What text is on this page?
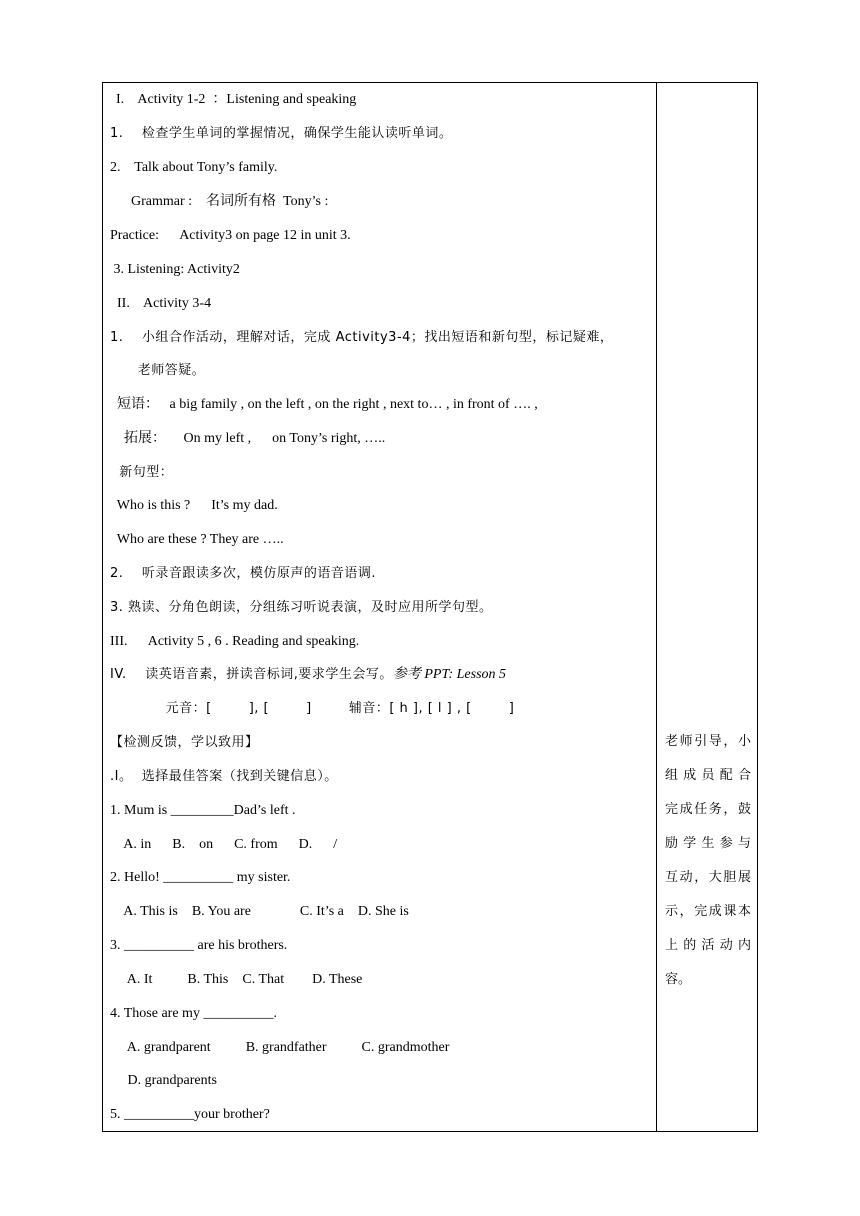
I.    Activity 1-2  ：Listening and speaking
1.    检查学生单词的掌握情况，确保学生能认读听单词。
2.    Talk about Tony’s family.
Grammar :    名词所有格  Tony’s :
Practice:      Activity3 on page 12 in unit 3.
3. Listening: Activity2
II.    Activity 3-4
1.    小组合作活动，理解对话，完成 Activity3-4；找出短语和新句型，标记疑难，
老师答疑。
短语：   a big family , on the left , on the right , next to… , in front of …. ,
拓展：     On my left ,      on Tony’s right, …..
新句型：
Who is this ?      It’s my dad.
Who are these ? They are …..
2.    听录音跟读多次，模仿原声的语音语调.
3. 熟读、分角色朗读，分组练习听说表演，及时应用所学句型。
III.      Activity 5 , 6 . Reading and speaking.
IV.    读英语音素，拼读音标词,要求学生会写。参考 PPT: Lesson 5
元音：[        ], [        ]        辅音：[ h ], [ l ] , [        ]
【检测反馈，学以致用】
.I。  选择最佳答案（找到关键信息）。
1. Mum is _________Dad’s left .
A. in      B.    on      C. from      D.      /
2. Hello! __________ my sister.
A. This is    B. You are              C. It’s a    D. She is
3. __________ are his brothers.
A. It          B. This    C. That        D. These
4. Those are my __________.
A. grandparent          B. grandfather          C. grandmother
D. grandparents
5. __________your brother?
老师引导，小
组成员配合
完成任务，鼓
励学生参与
互动，大胆展
示，完成课本
上的活动内
容。
